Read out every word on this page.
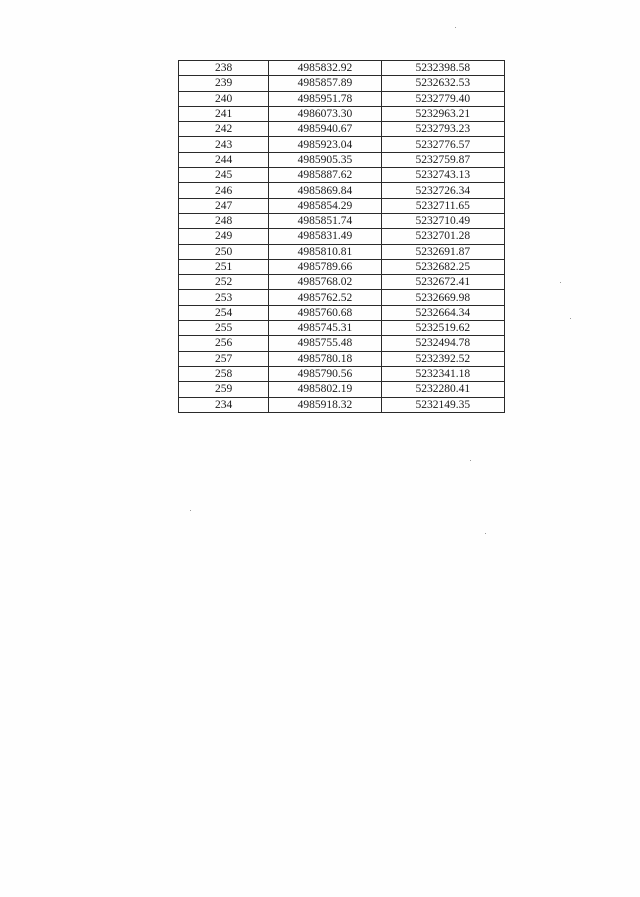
238	4985832.92	5232398.58
239	4985857.89	5232632.53
240	4985951.78	5232779.40
241	4986073.30	5232963.21
242	4985940.67	5232793.23
243	4985923.04	5232776.57
244	4985905.35	5232759.87
245	4985887.62	5232743.13
246	4985869.84	5232726.34
247	4985854.29	5232711.65
248	4985851.74	5232710.49
249	4985831.49	5232701.28
250	4985810.81	5232691.87
251	4985789.66	5232682.25
252	4985768.02	5232672.41
253	4985762.52	5232669.98
254	4985760.68	5232664.34
255	4985745.31	5232519.62
256	4985755.48	5232494.78
257	4985780.18	5232392.52
258	4985790.56	5232341.18
259	4985802.19	5232280.41
234	4985918.32	5232149.35
